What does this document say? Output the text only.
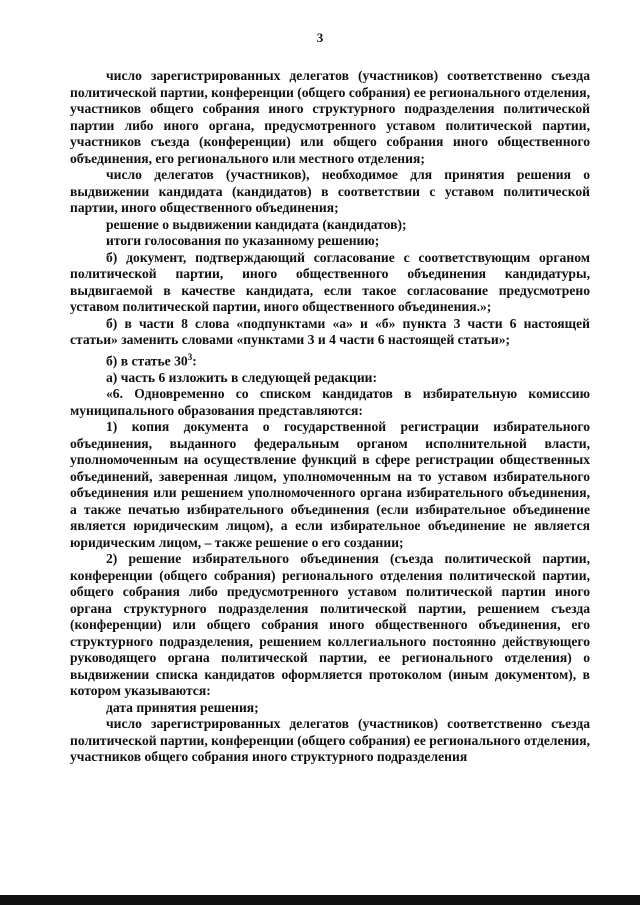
3

число зарегистрированных делегатов (участников) соответственно съезда политической партии, конференции (общего собрания) ее регионального отделения, участников общего собрания иного структурного подразделения политической партии либо иного органа, предусмотренного уставом политической партии, участников съезда (конференции) или общего собрания иного общественного объединения, его регионального или местного отделения;

число делегатов (участников), необходимое для принятия решения о выдвижении кандидата (кандидатов) в соответствии с уставом политической партии, иного общественного объединения;

решение о выдвижении кандидата (кандидатов);

итоги голосования по указанному решению;

б) документ, подтверждающий согласование с соответствующим органом политической партии, иного общественного объединения кандидатуры, выдвигаемой в качестве кандидата, если такое согласование предусмотрено уставом политической партии, иного общественного объединения.»;

б) в части 8 слова «подпунктами «а» и «б» пункта 3 части 6 настоящей статьи» заменить словами «пунктами 3 и 4 части 6 настоящей статьи»;

б) в статье $30^3$:

а) часть 6 изложить в следующей редакции:

«6. Одновременно со списком кандидатов в избирательную комиссию муниципального образования представляются:

1) копия документа о государственной регистрации избирательного объединения, выданного федеральным органом исполнительной власти, уполномоченным на осуществление функций в сфере регистрации общественных объединений, заверенная лицом, уполномоченным на то уставом избирательного объединения или решением уполномоченного органа избирательного объединения, а также печатью избирательного объединения (если избирательное объединение является юридическим лицом), а если избирательное объединение не является юридическим лицом, – также решение о его создании;

2) решение избирательного объединения (съезда политической партии, конференции (общего собрания) регионального отделения политической партии, общего собрания либо предусмотренного уставом политической партии иного органа структурного подразделения политической партии, решением съезда (конференции) или общего собрания иного общественного объединения, его структурного подразделения, решением коллегиального постоянно действующего руководящего органа политической партии, ее регионального отделения) о выдвижении списка кандидатов оформляется протоколом (иным документом), в котором указываются:

дата принятия решения;

число зарегистрированных делегатов (участников) соответственно съезда политической партии, конференции (общего собрания) ее регионального отделения, участников общего собрания иного структурного подразделения
